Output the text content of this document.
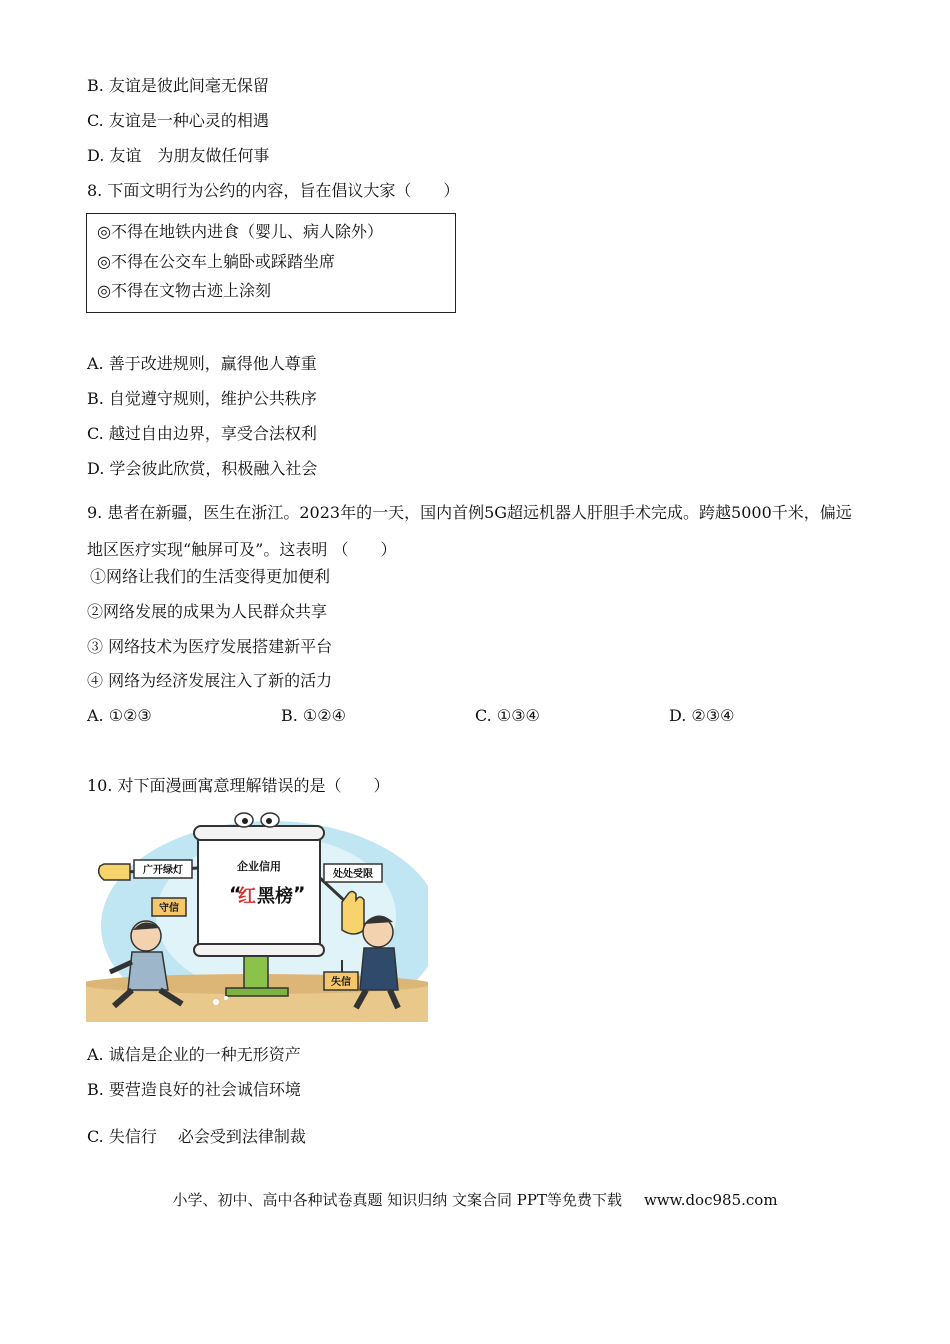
B. 友谊是彼此间毫无保留
C. 友谊是一种心灵的相遇
D. 友谊　为朋友做任何事
8. 下面文明行为公约的内容，旨在倡议大家（　　）
◎不得在地铁内进食（婴儿、病人除外）
◎不得在公交车上躺卧或踩踏坐席
◎不得在文物古迹上涂刻
A. 善于改进规则，赢得他人尊重
B. 自觉遵守规则，维护公共秩序
C. 越过自由边界，享受合法权利
D. 学会彼此欣赏，积极融入社会
9. 患者在新疆，医生在浙江。2023年的一天，国内首例5G超远机器人肝胆手术完成。跨越5000千米，偏远地区医疗实现“触屏可及”。这表明 （　　）
①网络让我们的生活变得更加便利
②网络发展的成果为人民群众共享
③ 网络技术为医疗发展搭建新平台
④ 网络为经济发展注入了新的活力
A. ①②③	B. ①②④	C. ①③④	D. ②③④
10. 对下面漫画寓意理解错误的是（　　）
企业信用
“
红 黑榜 ”
广开绿灯	处处受限
守信
失信
A. 诚信是企业的一种无形资产
B. 要营造良好的社会诚信环境
C. 失信行　 必会受到法律制裁
小学、初中、高中各种试卷真题 知识归纳 文案合同 PPT等免费下载 www.doc985.com
